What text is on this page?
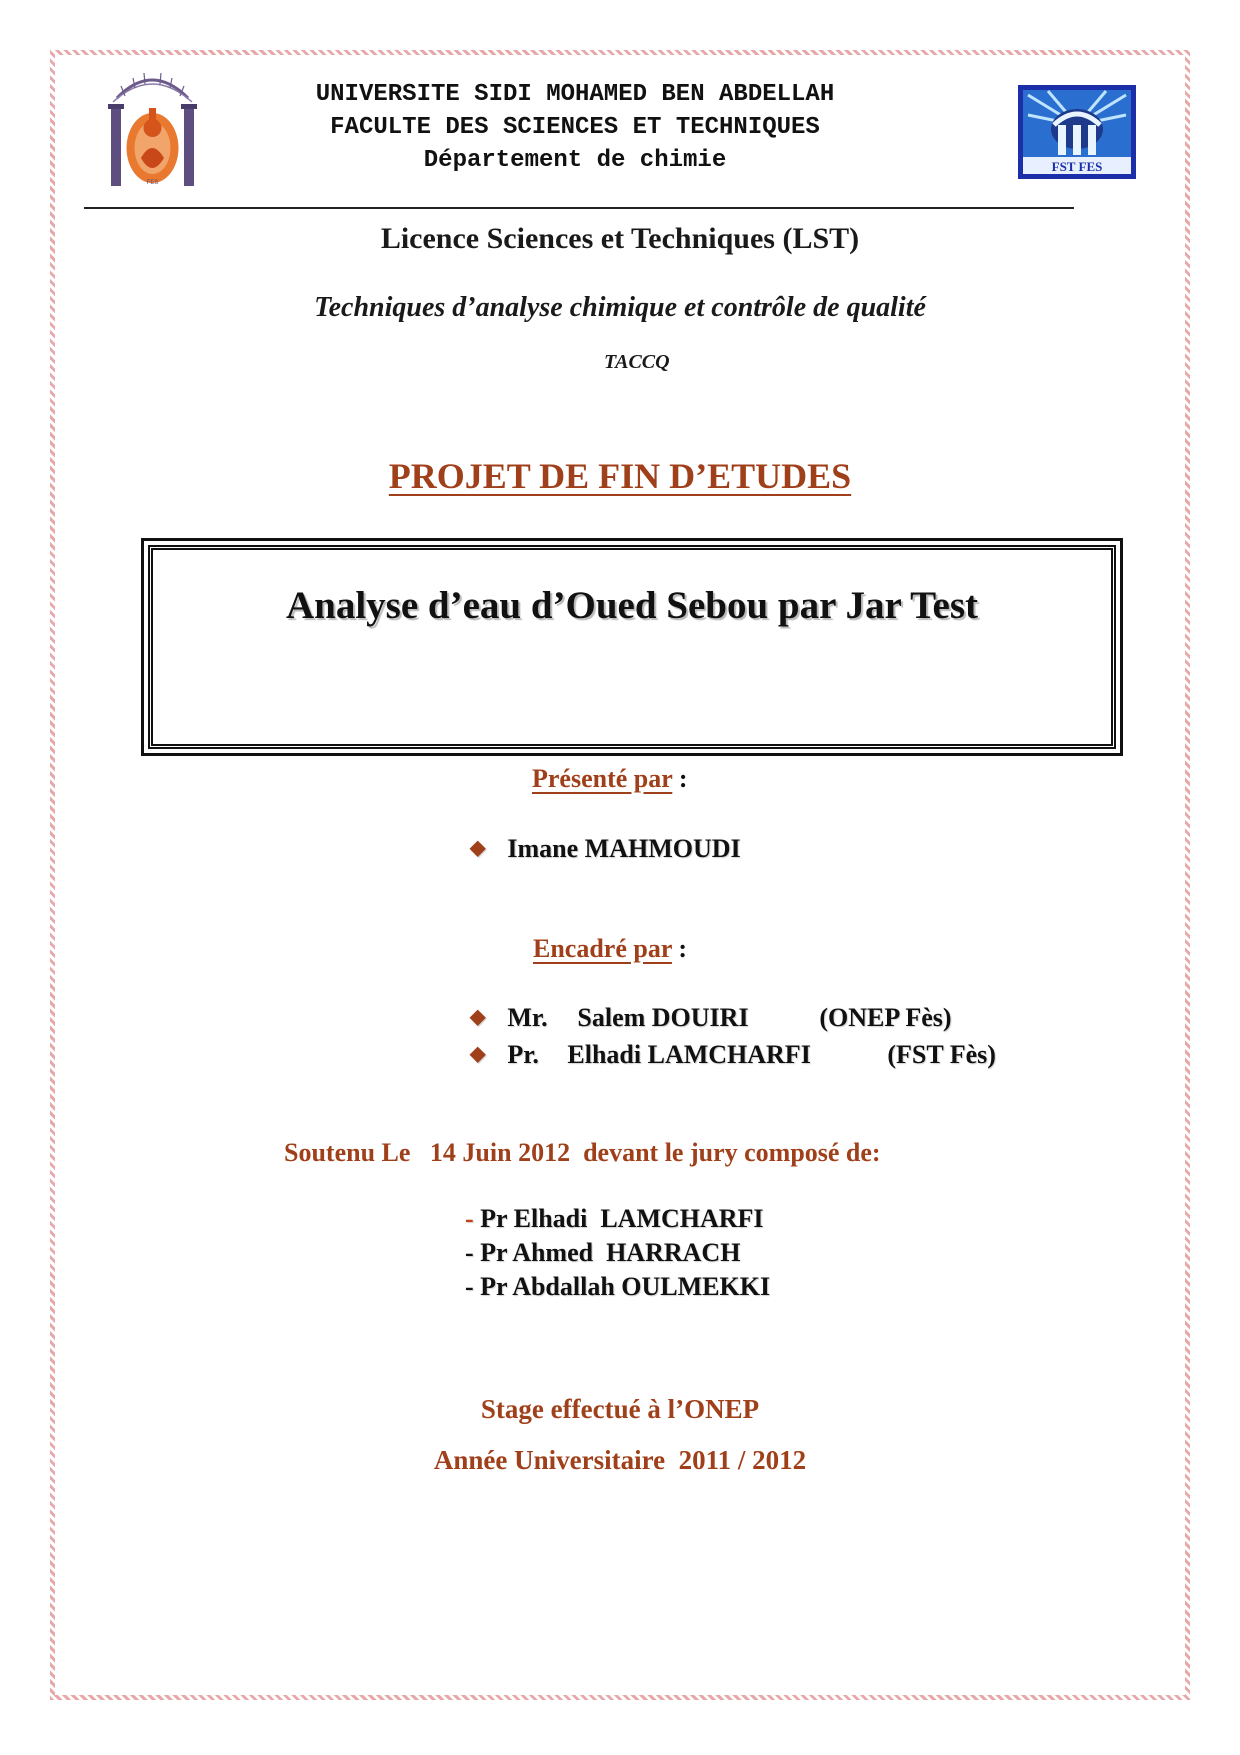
FES
UNIVERSITE SIDI MOHAMED BEN ABDELLAH
FACULTE DES SCIENCES ET TECHNIQUES
Département de chimie	FST FES
Licence Sciences et Techniques (LST)
Techniques d’analyse chimique et contrôle de qualité
TACCQ
PROJET DE FIN D’ETUDES
Analyse d’eau d’Oued Sebou par Jar Test
Présenté par :
◆ Imane MAHMOUDI
Encadré par :
◆ Mr. Salem DOUIRI	(ONEP Fès)
◆ Pr. Elhadi LAMCHARFI	(FST Fès)
Soutenu Le 14 Juin 2012 devant le jury composé de:
- Pr Elhadi  LAMCHARFI
- Pr Ahmed  HARRACH
- Pr Abdallah OULMEKKI
Stage effectué à l’ONEP
Année Universitaire  2011 / 2012
